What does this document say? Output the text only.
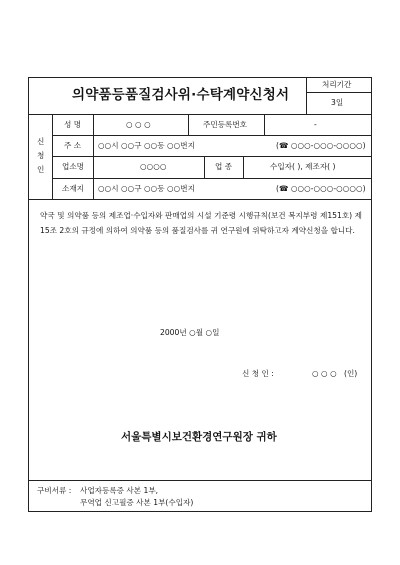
의약품등품질검사위·수탁계약신청서
처리기간
3일
신
청
인
성 명	○ ○ ○	주민등록번호	-
주 소 ○○시 ○○구 ○○동 ○○번지	(☎ ○○○-○○○-○○○○)
업소명	○○○○	업 종	수입자( ), 제조자( )
소재지 ○○시 ○○구 ○○동 ○○번지	(☎ ○○○-○○○-○○○○)
약국 및 의약품 등의 제조업·수입자와 판매업의 시설 기준령 시행규칙(보건 복지부령 제151호) 제15조 2호의 규정에 의하여 의약품 등의 품질검사를 귀 연구원에 위탁하고자 계약신청을 합니다.
2000년 ○월 ○일
신 청 인 :	○ ○ ○ (인)
서울특별시보건환경연구원장 귀하
구비서류 : 사업자등록증 사본 1부,
무역업 신고필증 사본 1부(수입자)
